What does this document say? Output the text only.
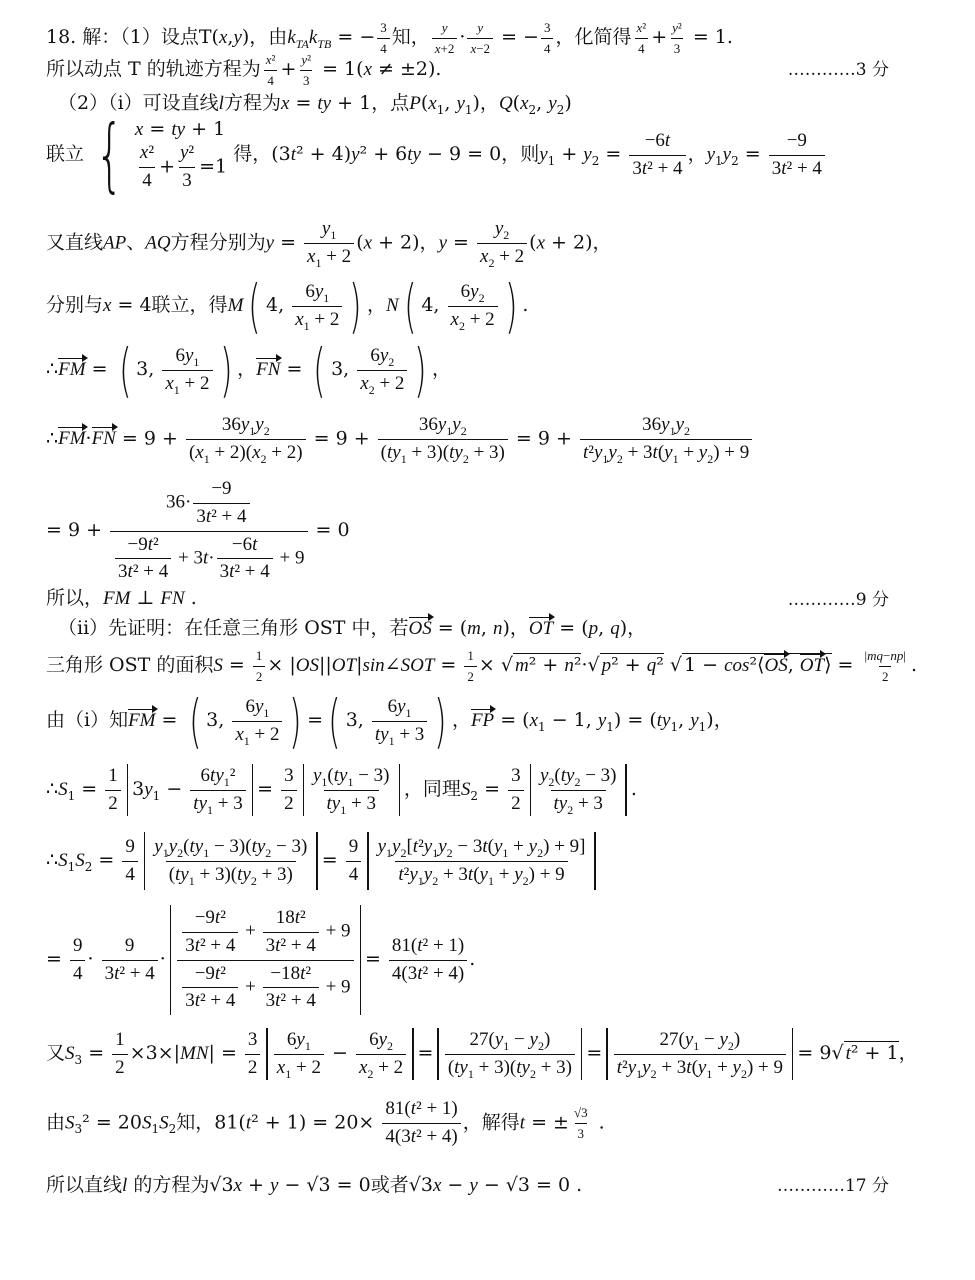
18. 解：（1）设点T(x,y)，由$k_{TA}k_{TB}$ = − $\frac{3}{4}$ 知， $\frac{y}{x+2} \cdot \frac{y}{x-2}$ = − $\frac{3}{4}$ ，化简得 $\frac{\text{x²}}{4} + \frac{\text{y²}}{3} = 1$.
所以动点 T 的轨迹方程为 $\frac{\text{x²}}{4} + \frac{\text{y²}}{3} = 1(x \ne \pm 2)$.	…………3 分
（2）（i）可设直线l方程为x = ty + 1，点$P(x_1$, $y_1$)，$Q(x_2$, $y_2$)
联立 { x = ty + 1
$\frac{\text{x²}}{4} + \frac{\text{y²}}{3} =1$
得，(3t² + 4)y² + 6ty − 9 = 0，则$y_1 + y_2 = \frac{-6t}{\text{3t² + 4}}$ ，$y_1y_2 = \frac{-9}{\text{3t² + 4}}$
又直线AP、AQ方程分别为$y = \frac{y_1}{x_1 + 2} (x + 2)$，$y = \frac{y_2}{x_2 + 2} (x + 2)$，
分别与x = 4联立，得M( 4, $\frac{6y_1}{x_1 + 2}$ ) ，N( 4, $\frac{6y_2}{x_2 + 2}$ ) .
∴FM = ( 3, $\frac{6y_1}{x_1 + 2}$ ) ，FN = ( 3, $\frac{6y_2}{x_2 + 2}$ ) ，
∴FM·FN = $9 + \frac{36y_1y_2}{(x_1 + 2)(x_2 + 2)} = 9 + \frac{36y_1y_2}{(ty_1 + 3)(ty_2 + 3)} = 9 + \frac{36y_1y_2}{t^2y_1y_2 + 3t(y_1 + y_2) + 9}$
= $9 + \frac{36\cdot \frac{-9}{\text{3t² + 4}}}{\frac{\text{−9t²}}{\text{3t² + 4}} + 3t\cdot \frac{-6t}{\text{3t² + 4}} + 9} = 0$
所以，FM ⊥ FN .	…………9 分
（ii）先证明：在任意三角形 OST 中，若OS = (m, n)，OT = (p, q)，
三角形 OST 的面积$S = \frac{1}{2}$ × |OS||OT|sin∠SOT = $\frac{1}{2}$ × √ m² + n²·√ p² + q² √ 1 − cos²⟨OS, OT⟩ = $\frac{|mq-np|}{2}$ .
由（i）知FM = ( 3, $\frac{6y_1}{x_1 + 2}$ ) =( 3, $\frac{6y_1}{ty_1 + 3}$ ) ，FP = ($x_1 - 1$, $y_1) = (ty_1$, $y_1$)，
$\therefore S_1 = \frac{1}{2} 3y_1 - \frac{6ty_1^2}{ty_1 + 3} = \frac{3}{2} \frac{y_1(ty_1 - 3)}{ty_1 + 3}$ ，同理$S_2 = \frac{3}{2} \frac{y_2(ty_2 - 3)}{ty_2 + 3}$ .
$\therefore S_1S_2 = \frac{9}{4} \frac{y_1y_2(ty_1 - 3)(ty_2 - 3)}{(ty_1 + 3)(ty_2 + 3)} = \frac{9}{4} \frac{y_1y_2[t^2y_1y_2 - 3t(y_1 + y_2) + 9]}{t^2y_1y_2 + 3t(y_1 + y_2) + 9}$
= $\frac{9}{4} \cdot \frac{9}{\text{3t² + 4}} \cdot \frac{\frac{\text{−9t²}}{\text{3t² + 4}} + \frac{\text{18t²}}{\text{3t² + 4}} + 9}{\frac{\text{−9t²}}{\text{3t² + 4}} + \frac{\text{−18t²}}{\text{3t² + 4}} + 9} = \frac{\text{81(t² + 1)}}{\text{4(3t² + 4)}}$ .
又$S_3 = \frac{1}{2} \times 3\times|MN| = \frac{3}{2} \frac{6y_1}{x_1 + 2} - \frac{6y_2}{x_2 + 2} = \frac{27(y_1 - y_2)}{(ty_1 + 3)(ty_2 + 3)} = \frac{27(y_1 - y_2)}{t^2y_1y_2 + 3t(y_1 + y_2) + 9} = 9√$ t² + 1，
由$S_3^2 = 20S_1S_2$知，$81(t^2 + 1) = 20\times \frac{\text{81(t² + 1)}}{\text{4(3t² + 4)}}$ ，解得t = ± $\frac{√3}{3}$ .
所以直线l 的方程为√3x + y − √3 = 0或者√3x − y − √3 = 0 .	…………17 分
